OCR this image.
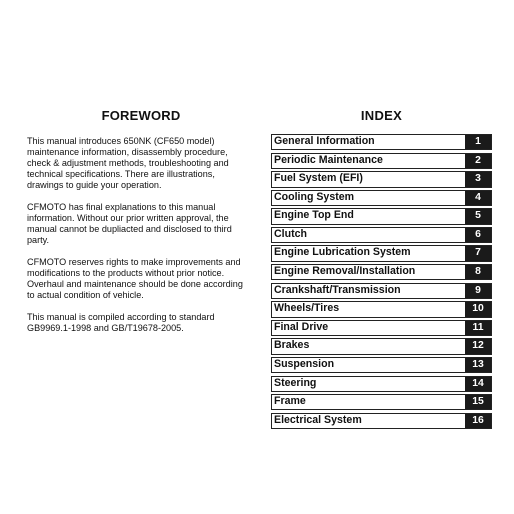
FOREWORD

This manual introduces 650NK (CF650 model) maintenance information, disassembly procedure, check & adjustment methods, troubleshooting and technical specifications. There are illustrations, drawings to guide your operation.

CFMOTO has final explanations to this manual information. Without our prior written approval, the manual cannot be dupliacted and disclosed to third party.

CFMOTO reserves rights to make improvements and modifications to the products without prior notice. Overhaul and maintenance should be done according to actual condition of vehicle.

This manual is compiled according to standard GB9969.1-1998 and GB/T19678-2005.

INDEX
General Information	1
Periodic Maintenance	2
Fuel System (EFI)	3
Cooling System	4
Engine Top End	5
Clutch	6
Engine Lubrication System	7
Engine Removal/Installation	8
Crankshaft/Transmission	9
Wheels/Tires	10
Final Drive	11
Brakes	12
Suspension	13
Steering	14
Frame	15
Electrical System	16
